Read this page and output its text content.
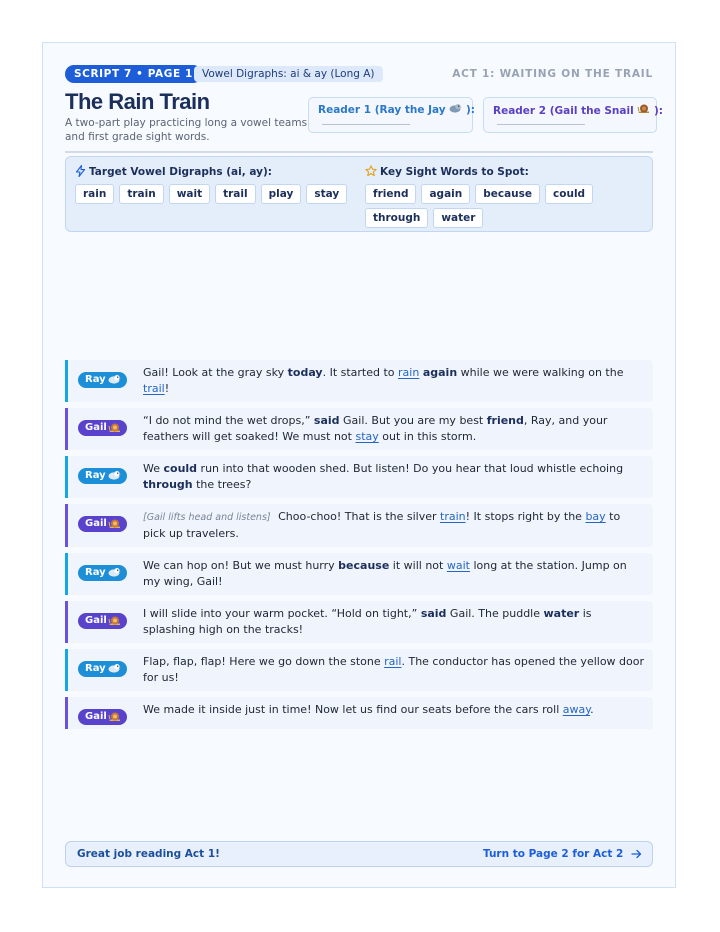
SCRIPT 7 • PAGE 1 Vowel Digraphs: ai & ay (Long A)	ACT 1: WAITING ON THE TRAIL
The Rain Train
A two-part play practicing long a vowel teams and first grade sight words.
Reader 1 (Ray the Jay ): Reader 2 (Gail the Snail ):
Target Vowel Digraphs (ai, ay):
rain	train	wait	trail	play	stay
Key Sight Words to Spot:
friend	again	because	could
through	water
Ray
Gail! Look at the gray sky today. It started to rain again while we were walking on the trail!
Gail
“I do not mind the wet drops,” said Gail. But you are my best friend, Ray, and your feathers will get soaked! We must not stay out in this storm.
Ray
We could run into that wooden shed. But listen! Do you hear that loud whistle echoing through the trees?
Gail
[Gail lifts head and listens] Choo-choo! That is the silver train! It stops right by the bay to pick up travelers.
Ray
We can hop on! But we must hurry because it will not wait long at the station. Jump on my wing, Gail!
Gail
I will slide into your warm pocket. “Hold on tight,” said Gail. The puddle water is splashing high on the tracks!
Ray
Flap, flap, flap! Here we go down the stone rail. The conductor has opened the yellow door for us!
Gail
We made it inside just in time! Now let us find our seats before the cars roll away.
Great job reading Act 1!	Turn to Page 2 for Act 2
